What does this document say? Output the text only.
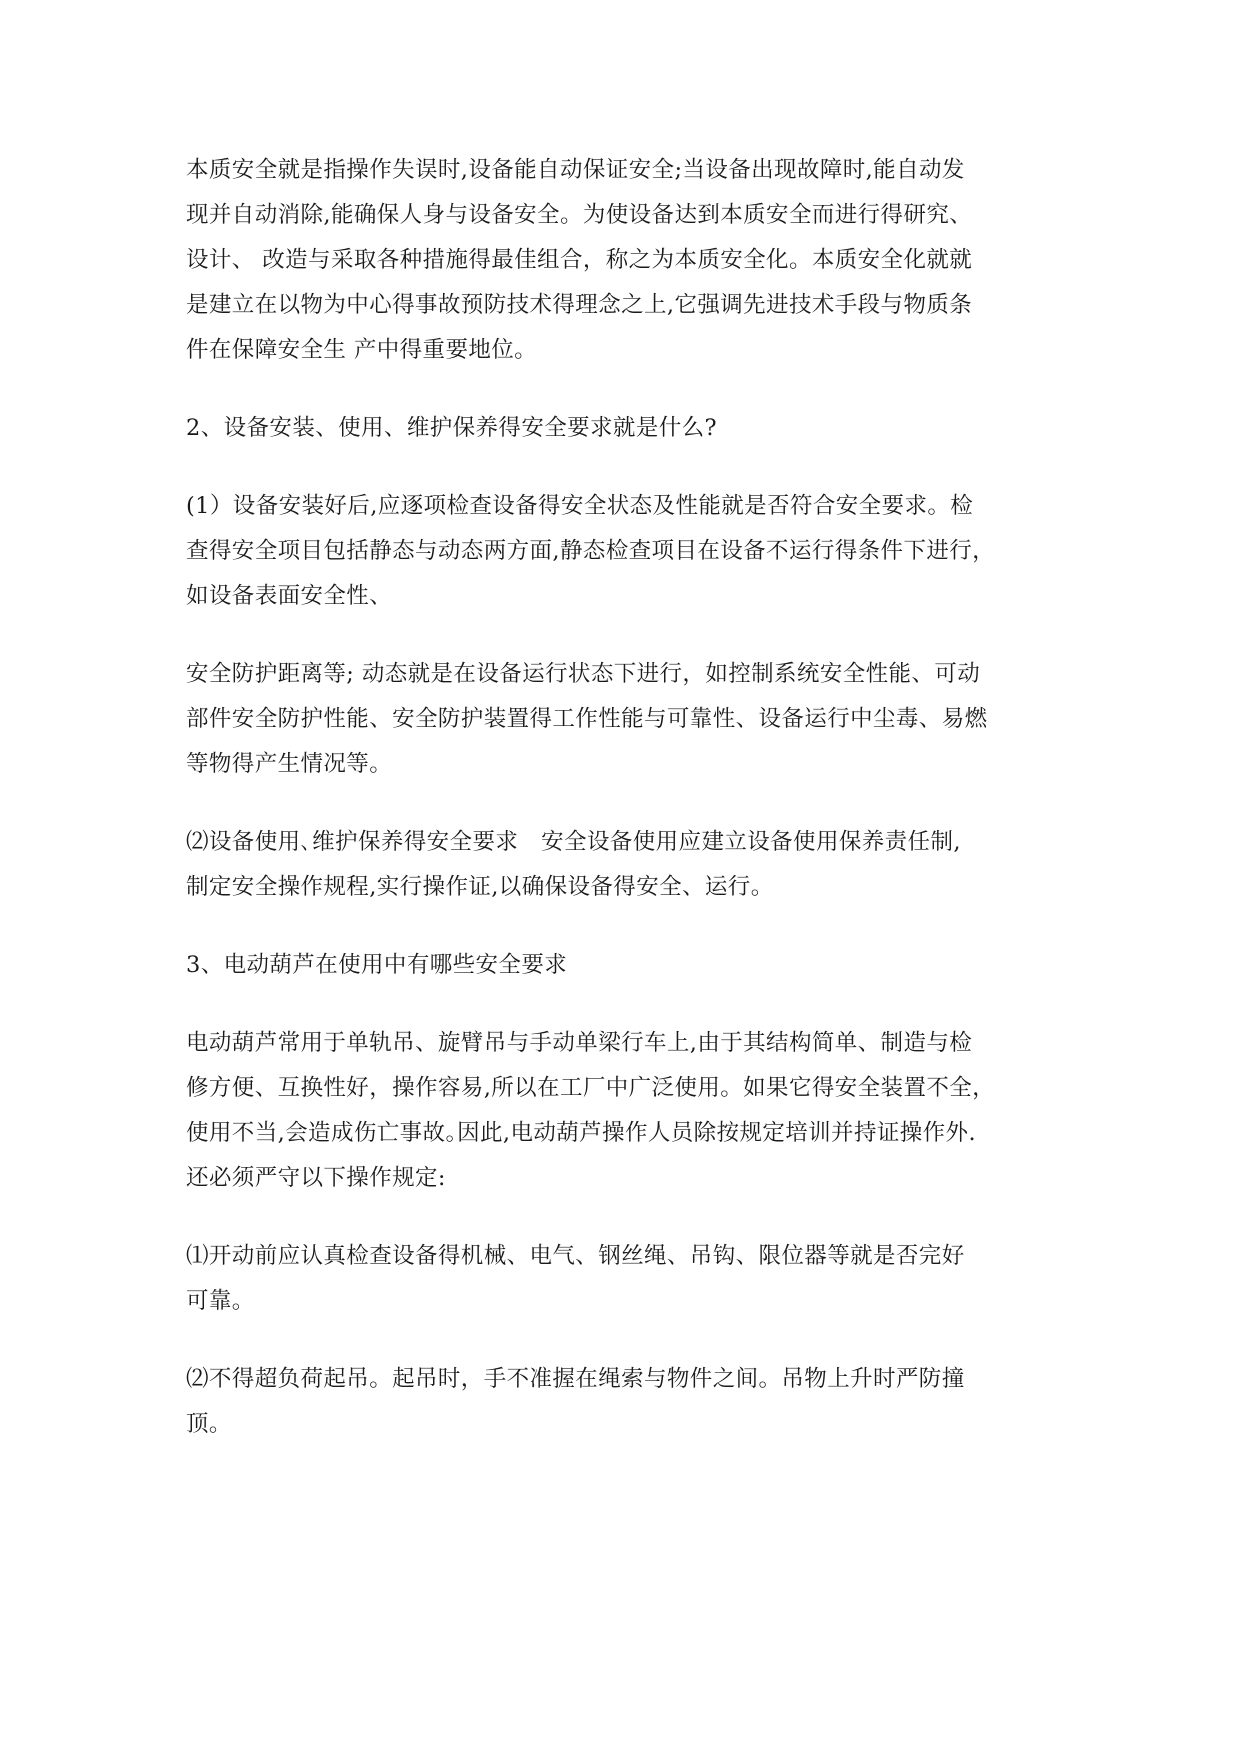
本质安全就是指操作失误时,设备能自动保证安全;当设备出现故障时,能自动发
现并自动消除,能确保人身与设备安全。为使设备达到本质安全而进行得研究、
设计、 改造与采取各种措施得最佳组合，称之为本质安全化。本质安全化就就
是建立在以物为中心得事故预防技术得理念之上,它强调先进技术手段与物质条
件在保障安全生 产中得重要地位。

2、设备安装、使用、维护保养得安全要求就是什么?

(1）设备安装好后,应逐项检查设备得安全状态及性能就是否符合安全要求。检
查得安全项目包括静态与动态两方面,静态检查项目在设备不运行得条件下进行，
如设备表面安全性、

安全防护距离等; 动态就是在设备运行状态下进行，如控制系统安全性能、可动
部件安全防护性能、安全防护装置得工作性能与可靠性、设备运行中尘毒、易燃
等物得产生情况等。

⑵设备使用､维护保养得安全要求　安全设备使用应建立设备使用保养责任制,
制定安全操作规程,实行操作证,以确保设备得安全、运行。

3、电动葫芦在使用中有哪些安全要求

电动葫芦常用于单轨吊、旋臂吊与手动单梁行车上,由于其结构简单、制造与检
修方便、互换性好，操作容易,所以在工厂中广泛使用。如果它得安全装置不全，
使用不当,会造成伤亡事故｡因此,电动葫芦操作人员除按规定培训并持证操作外.
还必须严守以下操作规定:

⑴开动前应认真检查设备得机械、电气、钢丝绳、吊钩、限位器等就是否完好
可靠。

⑵不得超负荷起吊。起吊时，手不准握在绳索与物件之间。吊物上升时严防撞
顶。
